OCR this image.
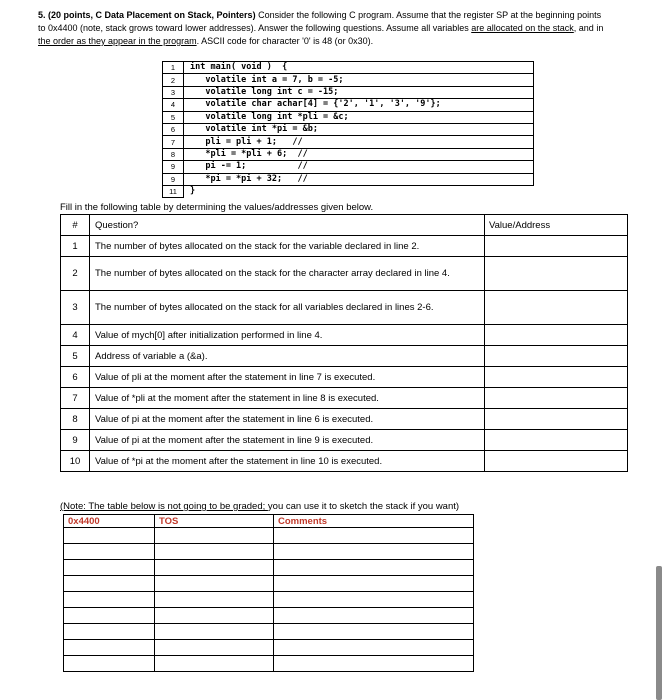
5. (20 points, C Data Placement on Stack, Pointers) Consider the following C program. Assume that the register SP at the beginning points to 0x4400 (note, stack grows toward lower addresses). Answer the following questions. Assume all variables are allocated on the stack, and in the order as they appear in the program. ASCII code for character '0' is 48 (or 0x30).
1	int main( void )  {
2	volatile int a = 7, b = -5;
3	volatile long int c = -15;
4	volatile char achar[4] = {'2', '1', '3', '9'};
5	volatile long int *pli = &c;
6	volatile int *pi = &b;
7	pli = pli + 1;   //
8	*pli = *pli + 6;  //
9	pi -= 1;          //
9	*pi = *pi + 32;   //
11	}
Fill in the following table by determining the values/addresses given below.
#	Question?	Value/Address
1	The number of bytes allocated on the stack for the variable declared in line 2.	
2	The number of bytes allocated on the stack for the character array declared in line 4.	
3	The number of bytes allocated on the stack for all variables declared in lines 2-6.	
4	Value of mych[0] after initialization performed in line 4.	
5	Address of variable a (&a).	
6	Value of pli at the moment after the statement in line 7 is executed.	
7	Value of *pli at the moment after the statement in line 8 is executed.	
8	Value of pi at the moment after the statement in line 6 is executed.	
9	Value of pi at the moment after the statement in line 9 is executed.	
10	Value of *pi at the moment after the statement in line 10 is executed.	
(Note: The table below is not going to be graded; you can use it to sketch the stack if you want)
0x4400	TOS	Comments
